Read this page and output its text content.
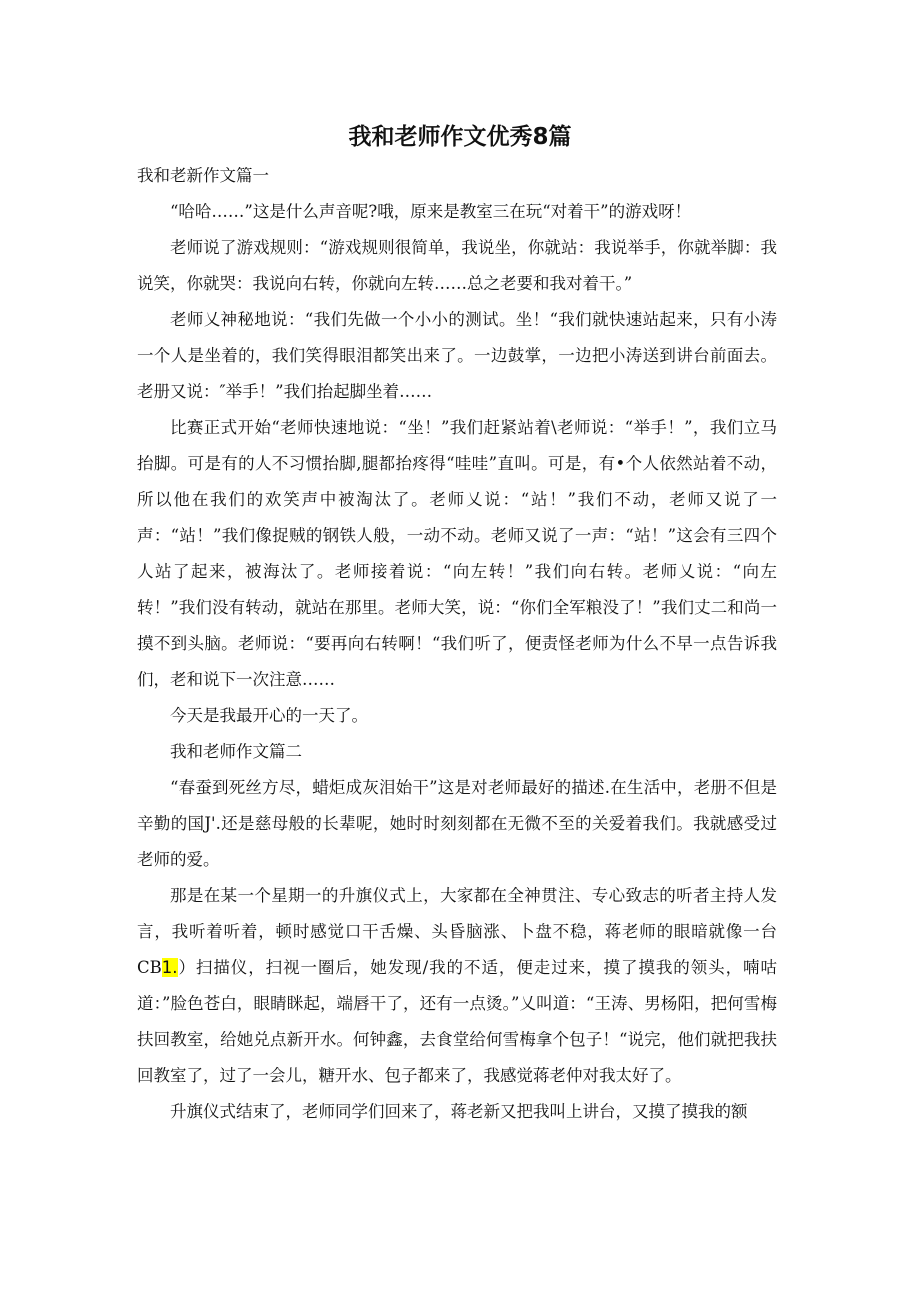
我和老师作文优秀8篇

我和老新作文篇一

“哈哈……”这是什么声音呢?哦，原来是教室三在玩“对着干”的游戏呀！

老师说了游戏规则：“游戏规则很简单，我说坐，你就站：我说举手，你就举脚：我说笑，你就哭：我说向右转，你就向左转……总之老要和我对着干。”

老师乂神秘地说：“我们先做一个小小的测试。坐！“我们就快速站起来，只有小涛一个人是坐着的，我们笑得眼泪都笑出来了。一边鼓掌，一边把小涛送到讲台前面去。老册又说：″举手！”我们抬起脚坐着……

比赛正式开始“老师快速地说：“坐！”我们赶紧站着\老师说：“举手！”，我们立马抬脚。可是有的人不习惯抬脚,腿都抬疼得“哇哇”直叫。可是，有•个人依然站着不动，所以他在我们的欢笑声中被淘汰了。老师乂说：“站！”我们不动，老师又说了一声：“站！”我们像捉贼的钢铁人般，一动不动。老师又说了一声：“站！”这会有三四个人站了起来，被海汰了。老师接着说：“向左转！”我们向右转。老师乂说：“向左转！”我们没有转动，就站在那里。老师大笑，说：“你们全军粮没了！”我们丈二和尚一摸不到头脑。老师说：“要再向右转啊！“我们听了，便责怪老师为什么不早一点告诉我们，老和说下一次注意……

今天是我最开心的一天了。

我和老师作文篇二

“春蚕到死丝方尽，蜡炬成灰泪始干”这是对老师最好的描述.在生活中，老册不但是辛勤的国J'.还是慈母般的长辈呢，她时时刻刻都在无微不至的关爱着我们。我就感受过老师的爱。

那是在某一个星期一的升旗仪式上，大家都在全神贯注、专心致志的听者主持人发言，我听着听着，顿时感觉口干舌燥、头昏脑涨、卜盘不稳，蒋老师的眼暗就像一台CB1.）扫描仪，扫视一圈后，她发现/我的不适，便走过来，摸了摸我的领头，喃咕道：”脸色苍白，眼睛眯起，端唇干了，还有一点烫。”乂叫道：“王涛、男杨阳，把何雪梅扶回教室，给她兑点新开水。何钟鑫，去食堂给何雪梅拿个包子！“说完，他们就把我扶回教室了，过了一会儿，糖开水、包子都来了，我感觉蒋老仲对我太好了。

升旗仪式结束了，老师同学们回来了，蒋老新又把我叫上讲台，又摸了摸我的额
